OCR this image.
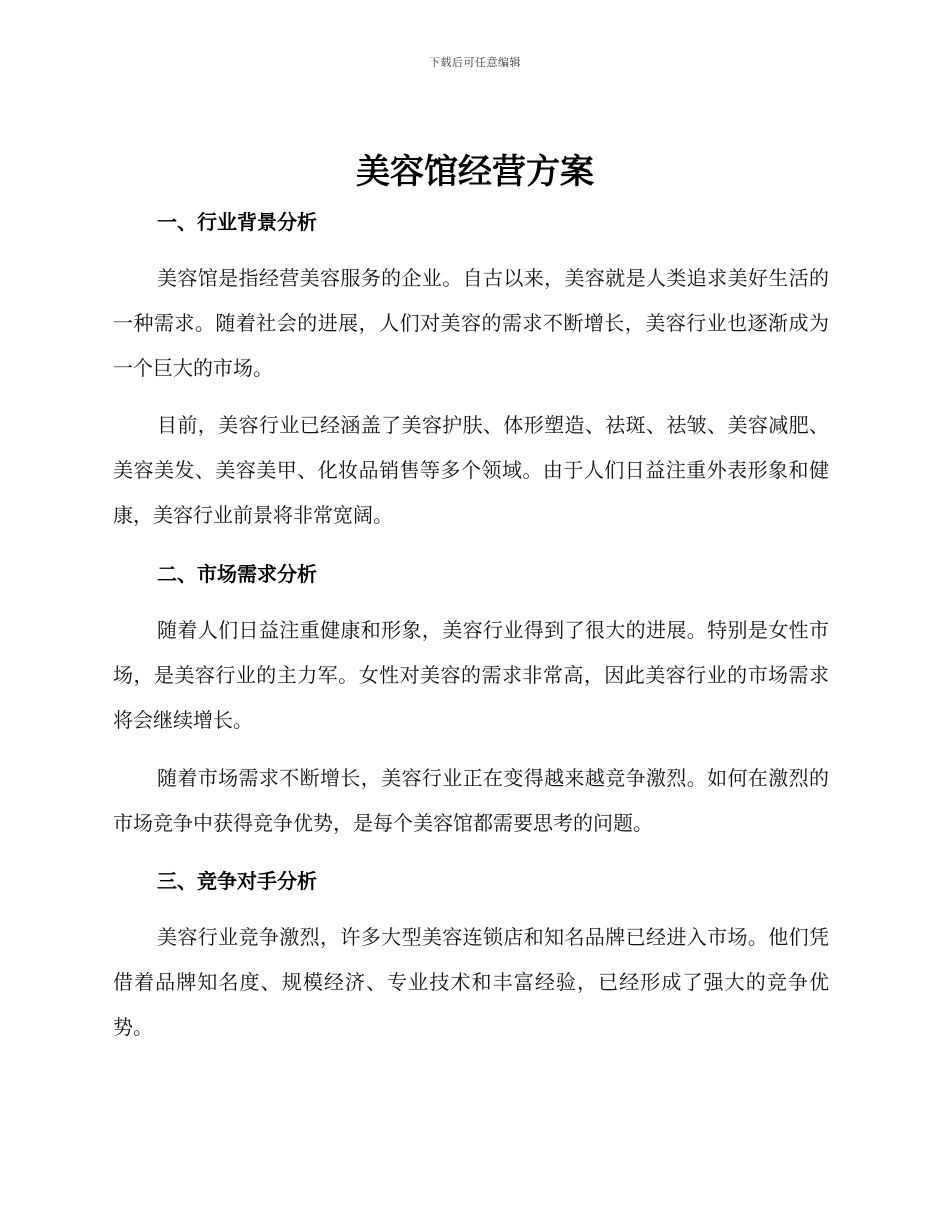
下载后可任意编辑
美容馆经营方案
一、行业背景分析

美容馆是指经营美容服务的企业。自古以来，美容就是人类追求美好生活的一种需求。随着社会的进展，人们对美容的需求不断增长，美容行业也逐渐成为一个巨大的市场。

目前，美容行业已经涵盖了美容护肤、体形塑造、祛斑、祛皱、美容减肥、美容美发、美容美甲、化妆品销售等多个领域。由于人们日益注重外表形象和健康，美容行业前景将非常宽阔。

二、市场需求分析

随着人们日益注重健康和形象，美容行业得到了很大的进展。特别是女性市场，是美容行业的主力军。女性对美容的需求非常高，因此美容行业的市场需求将会继续增长。

随着市场需求不断增长，美容行业正在变得越来越竞争激烈。如何在激烈的市场竞争中获得竞争优势，是每个美容馆都需要思考的问题。

三、竞争对手分析

美容行业竞争激烈，许多大型美容连锁店和知名品牌已经进入市场。他们凭借着品牌知名度、规模经济、专业技术和丰富经验，已经形成了强大的竞争优势。
